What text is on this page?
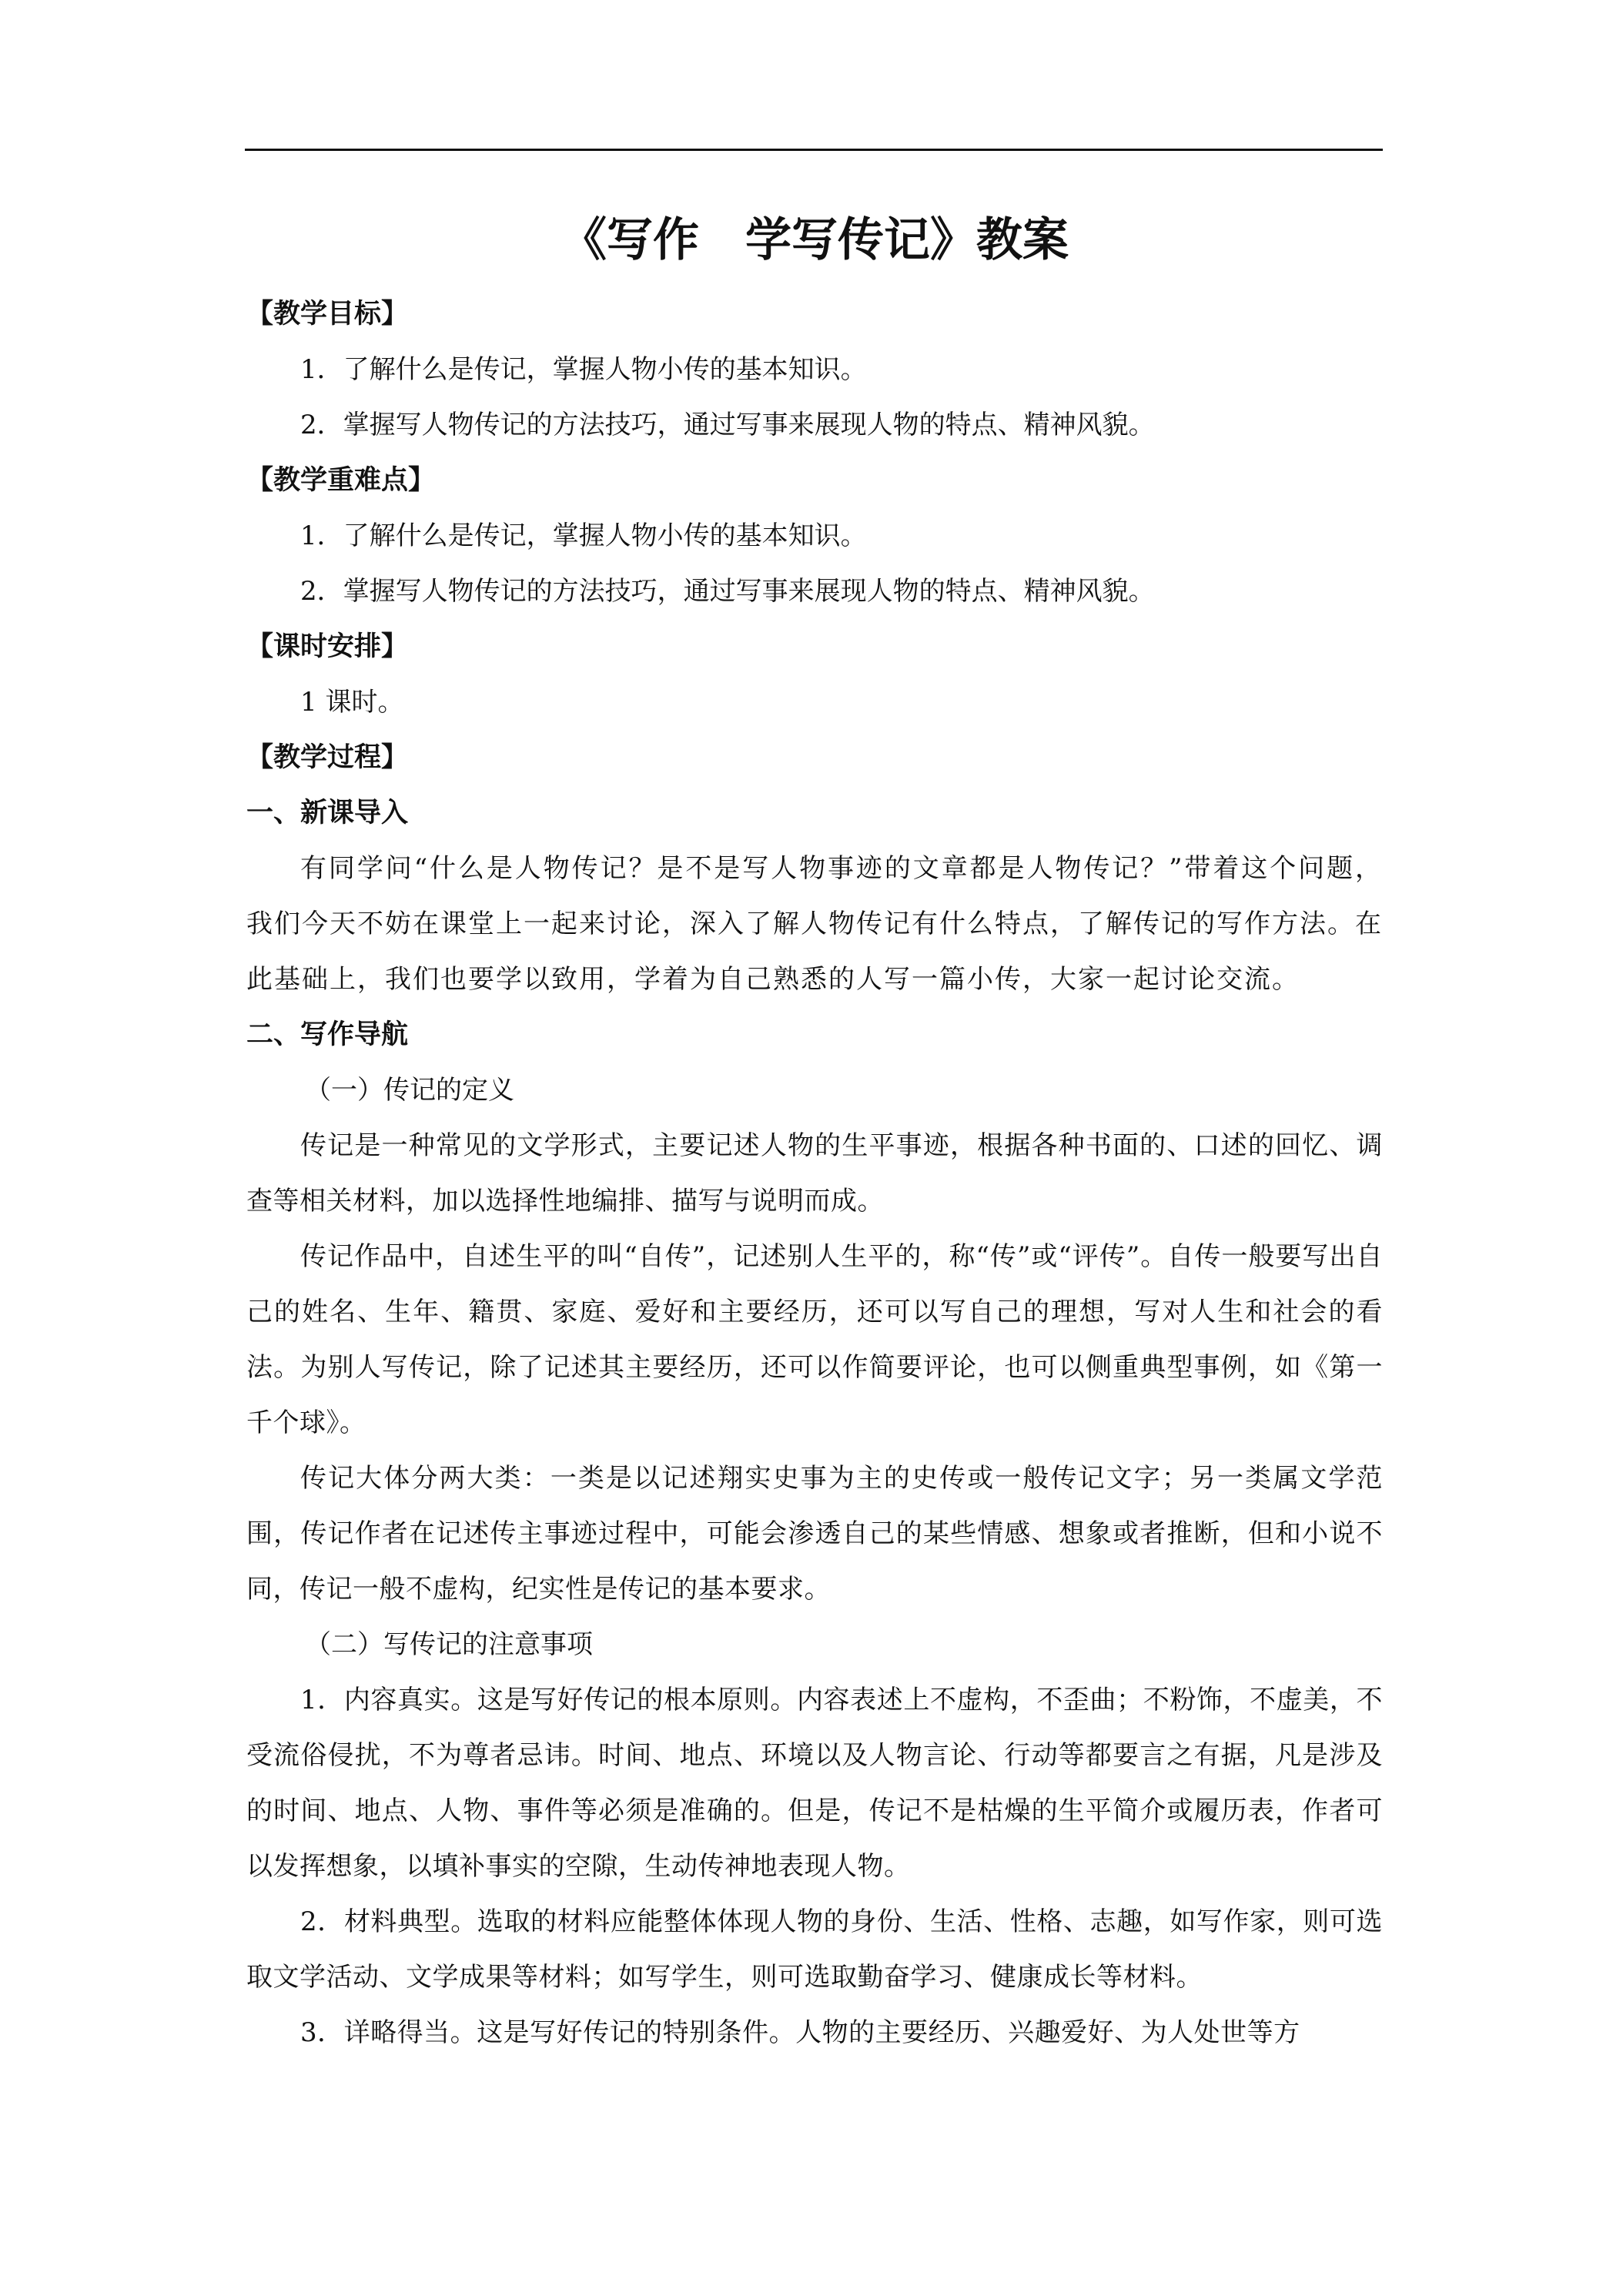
《写作　学写传记》教案
【教学目标】
1．了解什么是传记，掌握人物小传的基本知识。
2．掌握写人物传记的方法技巧，通过写事来展现人物的特点、精神风貌。
【教学重难点】
1．了解什么是传记，掌握人物小传的基本知识。
2．掌握写人物传记的方法技巧，通过写事来展现人物的特点、精神风貌。
【课时安排】
1 课时。
【教学过程】
一、新课导入

有同学问“什么是人物传记？是不是写人物事迹的文章都是人物传记？”带着这个问题，我们今天不妨在课堂上一起来讨论，深入了解人物传记有什么特点，了解传记的写作方法。在此基础上，我们也要学以致用，学着为自己熟悉的人写一篇小传，大家一起讨论交流。

二、写作导航
（一）传记的定义

传记是一种常见的文学形式，主要记述人物的生平事迹，根据各种书面的、口述的回忆、调查等相关材料，加以选择性地编排、描写与说明而成。

传记作品中，自述生平的叫“自传”，记述别人生平的，称“传”或“评传”。自传一般要写出自己的姓名、生年、籍贯、家庭、爱好和主要经历，还可以写自己的理想，写对人生和社会的看法。为别人写传记，除了记述其主要经历，还可以作简要评论，也可以侧重典型事例，如《第一千个球》。

传记大体分两大类：一类是以记述翔实史事为主的史传或一般传记文字；另一类属文学范围，传记作者在记述传主事迹过程中，可能会渗透自己的某些情感、想象或者推断，但和小说不同，传记一般不虚构，纪实性是传记的基本要求。

（二）写传记的注意事项

1．内容真实。这是写好传记的根本原则。内容表述上不虚构，不歪曲；不粉饰，不虚美，不受流俗侵扰，不为尊者忌讳。时间、地点、环境以及人物言论、行动等都要言之有据，凡是涉及的时间、地点、人物、事件等必须是准确的。但是，传记不是枯燥的生平简介或履历表，作者可以发挥想象，以填补事实的空隙，生动传神地表现人物。

2．材料典型。选取的材料应能整体体现人物的身份、生活、性格、志趣，如写作家，则可选取文学活动、文学成果等材料；如写学生，则可选取勤奋学习、健康成长等材料。

3．详略得当。这是写好传记的特别条件。人物的主要经历、兴趣爱好、为人处世等方
